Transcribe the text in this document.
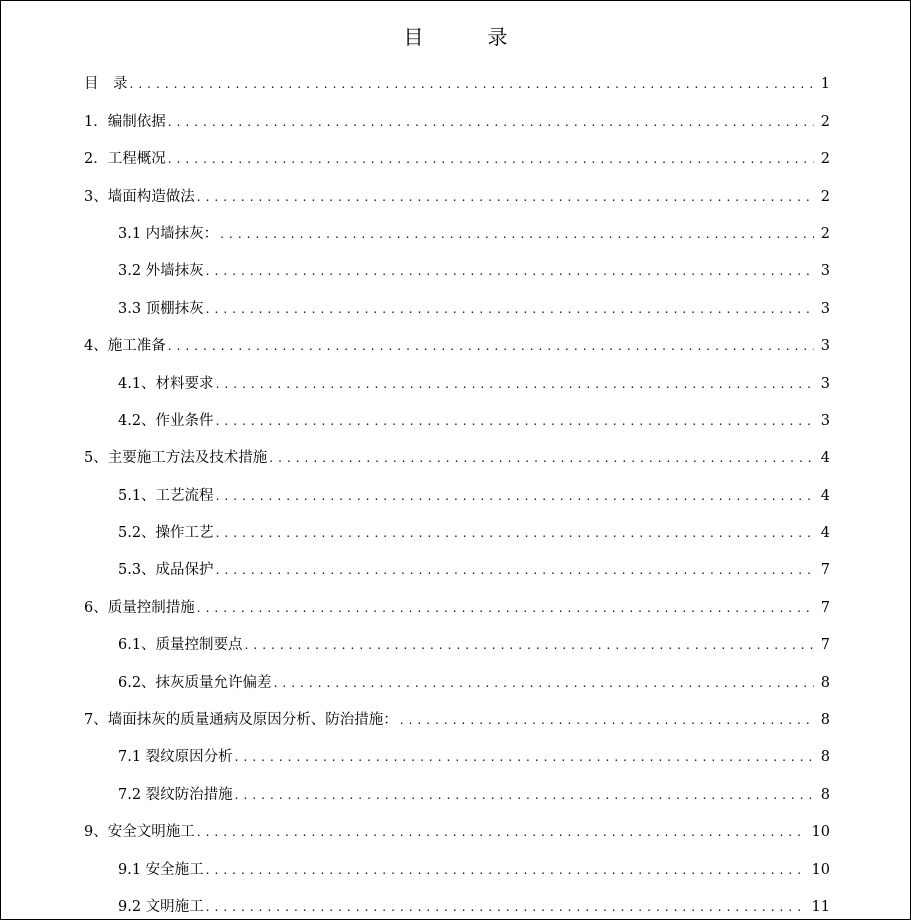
目　录
目　录 . . .	1
1．编制依据 . . .	2
2．工程概况 . . .	2
3、墙面构造做法 . . .	2
3.1 内墙抹灰： . . .	2
3.2 外墙抹灰 . . .	3
3.3 顶棚抹灰 . . .	3
4、施工准备 . . .	3
4.1、材料要求 . . .	3
4.2、作业条件 . . .	3
5、主要施工方法及技术措施 . . .	4
5.1、工艺流程 . . .	4
5.2、操作工艺 . . .	4
5.3、成品保护 . . .	7
6、质量控制措施 . . .	7
6.1、质量控制要点 . . .	7
6.2、抹灰质量允许偏差 . . .	8
7、墙面抹灰的质量通病及原因分析、防治措施： . . .	8
7.1 裂纹原因分析 . . .	8
7.2 裂纹防治措施 . . .	8
9、安全文明施工 . . .	10
9.1 安全施工 . . .	10
9.2 文明施工 . . .	11
